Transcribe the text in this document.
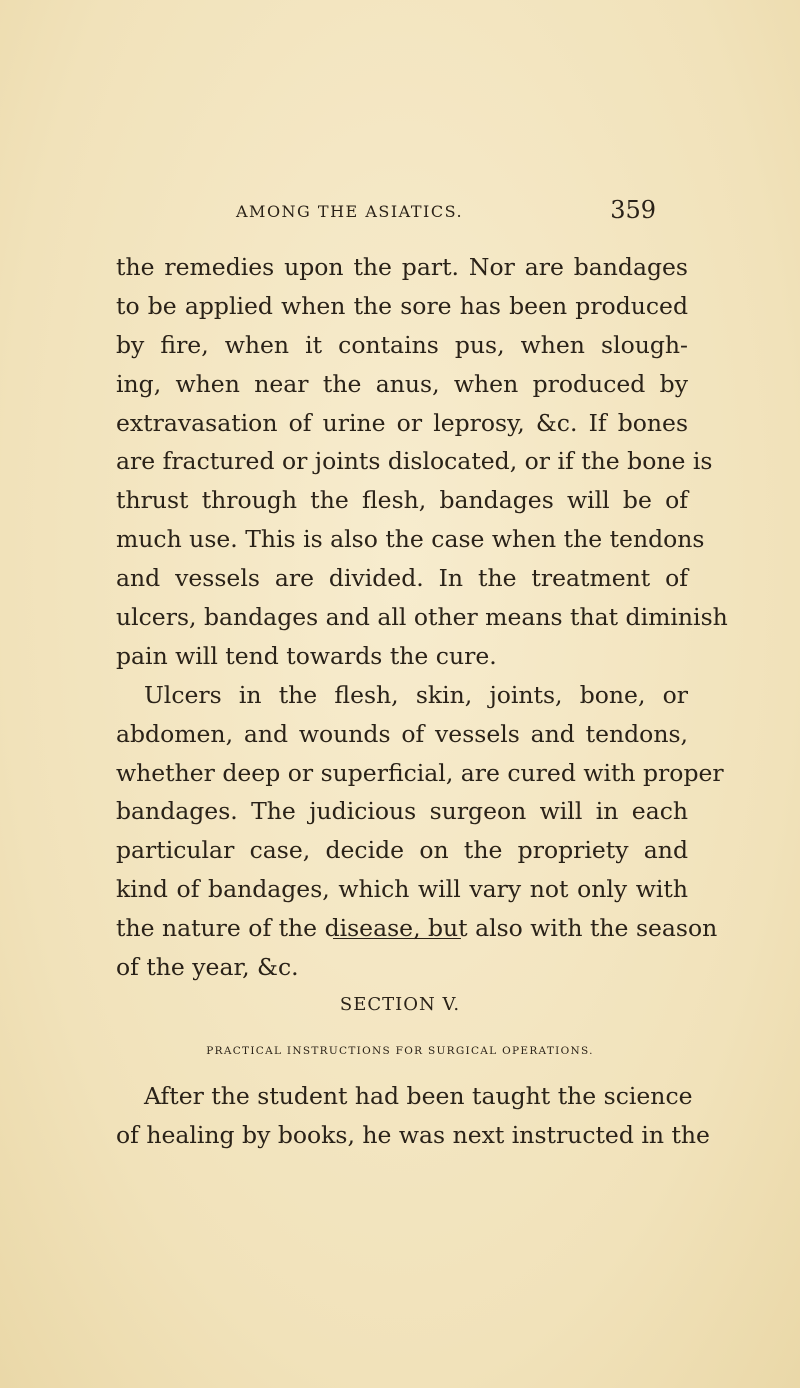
AMONG THE ASIATICS.	359
the remedies upon the part. Nor are bandages
to be applied when the sore has been produced
by fire, when it contains pus, when slough-
ing, when near the anus, when produced by
extravasation of urine or leprosy, &c. If bones
are fractured or joints dislocated, or if the bone is
thrust through the flesh, bandages will be of
much use. This is also the case when the tendons
and vessels are divided. In the treatment of
ulcers, bandages and all other means that diminish
pain will tend towards the cure.
Ulcers in the flesh, skin, joints, bone, or
abdomen, and wounds of vessels and tendons,
whether deep or superficial, are cured with proper
bandages. The judicious surgeon will in each
particular case, decide on the propriety and
kind of bandages, which will vary not only with
the nature of the disease, but also with the season
of the year, &c.
SECTION V.
PRACTICAL INSTRUCTIONS FOR SURGICAL OPERATIONS.
After the student had been taught the science
of healing by books, he was next instructed in the
